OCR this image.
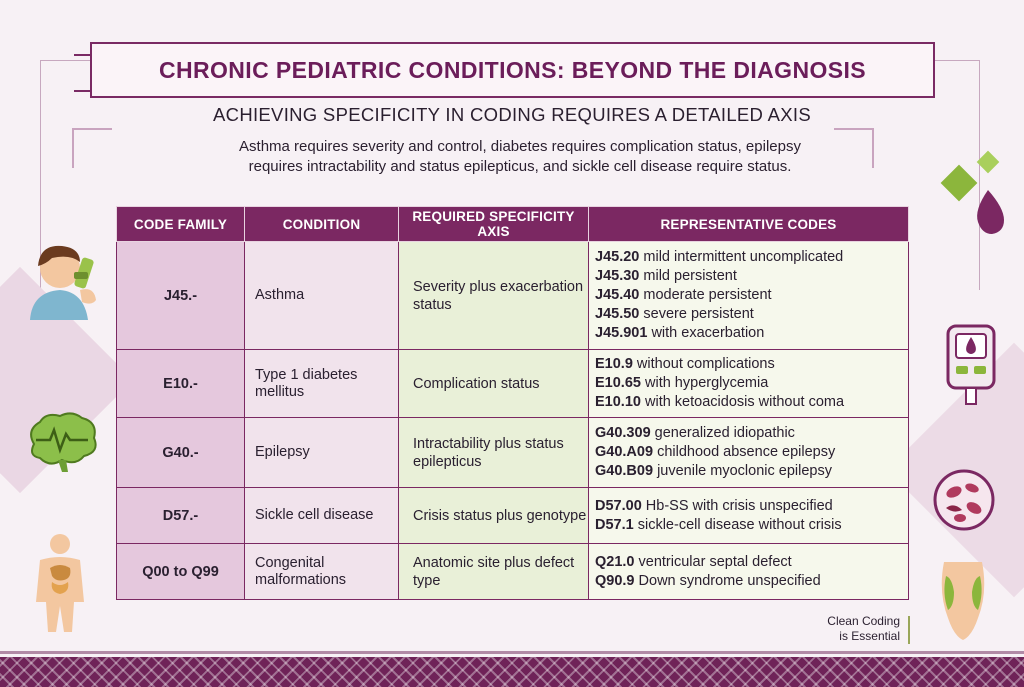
CHRONIC PEDIATRIC CONDITIONS: BEYOND THE DIAGNOSIS
ACHIEVING SPECIFICITY IN CODING REQUIRES A DETAILED AXIS
Asthma requires severity and control, diabetes requires complication status, epilepsy
requires intractability and status epilepticus, and sickle cell disease require status.
CODE FAMILY	CONDITION	REQUIRED SPECIFICITY AXIS	REPRESENTATIVE CODES
J45.-	Asthma	Severity plus exacerbation status	J45.20 mild intermittent uncomplicated
J45.30 mild persistent
J45.40 moderate persistent
J45.50 severe persistent
J45.901 with exacerbation

E10.-	Type 1 diabetes mellitus	Complication status	E10.9 without complications
E10.65 with hyperglycemia
E10.10 with ketoacidosis without coma

G40.-	Epilepsy	Intractability plus status epilepticus	G40.309 generalized idiopathic
G40.A09 childhood absence epilepsy
G40.B09 juvenile myoclonic epilepsy

D57.-	Sickle cell disease	Crisis status plus genotype	D57.00 Hb-SS with crisis unspecified
D57.1 sickle-cell disease without crisis

Q00 to Q99	Congenital malformations	Anatomic site plus defect type	Q21.0 ventricular septal defect
Q90.9 Down syndrome unspecified
Clean Coding
is Essential
